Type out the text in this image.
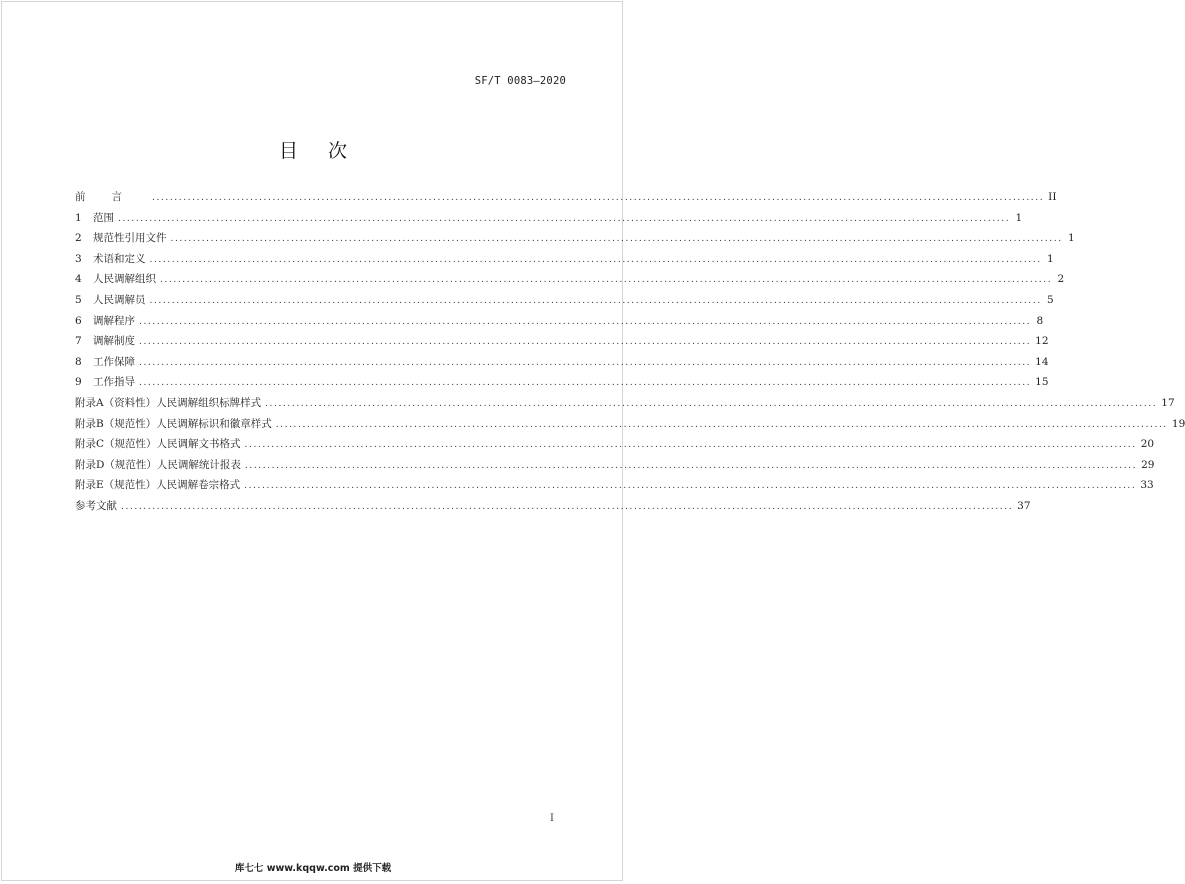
SF/T 0083—2020
目次
前言 ........................................................................................................................................................................................................ II
1	范围 ........................................................................................................................................................................................................ 1
2	规范性引用文件 ........................................................................................................................................................................................................ 1
3	术语和定义 ........................................................................................................................................................................................................ 1
4	人民调解组织 ........................................................................................................................................................................................................ 2
5	人民调解员 ........................................................................................................................................................................................................ 5
6	调解程序 ........................................................................................................................................................................................................ 8
7	调解制度 ........................................................................................................................................................................................................ 12
8	工作保障 ........................................................................................................................................................................................................ 14
9	工作指导 ........................................................................................................................................................................................................ 15
附录A（资料性）人民调解组织标牌样式 ........................................................................................................................................................................................................ 17
附录B（规范性）人民调解标识和徽章样式 ........................................................................................................................................................................................................ 19
附录C（规范性）人民调解文书格式 ........................................................................................................................................................................................................ 20
附录D（规范性）人民调解统计报表 ........................................................................................................................................................................................................ 29
附录E（规范性）人民调解卷宗格式 ........................................................................................................................................................................................................ 33
参考文献 ........................................................................................................................................................................................................ 37
I
库七七 www.kqqw.com 提供下载
